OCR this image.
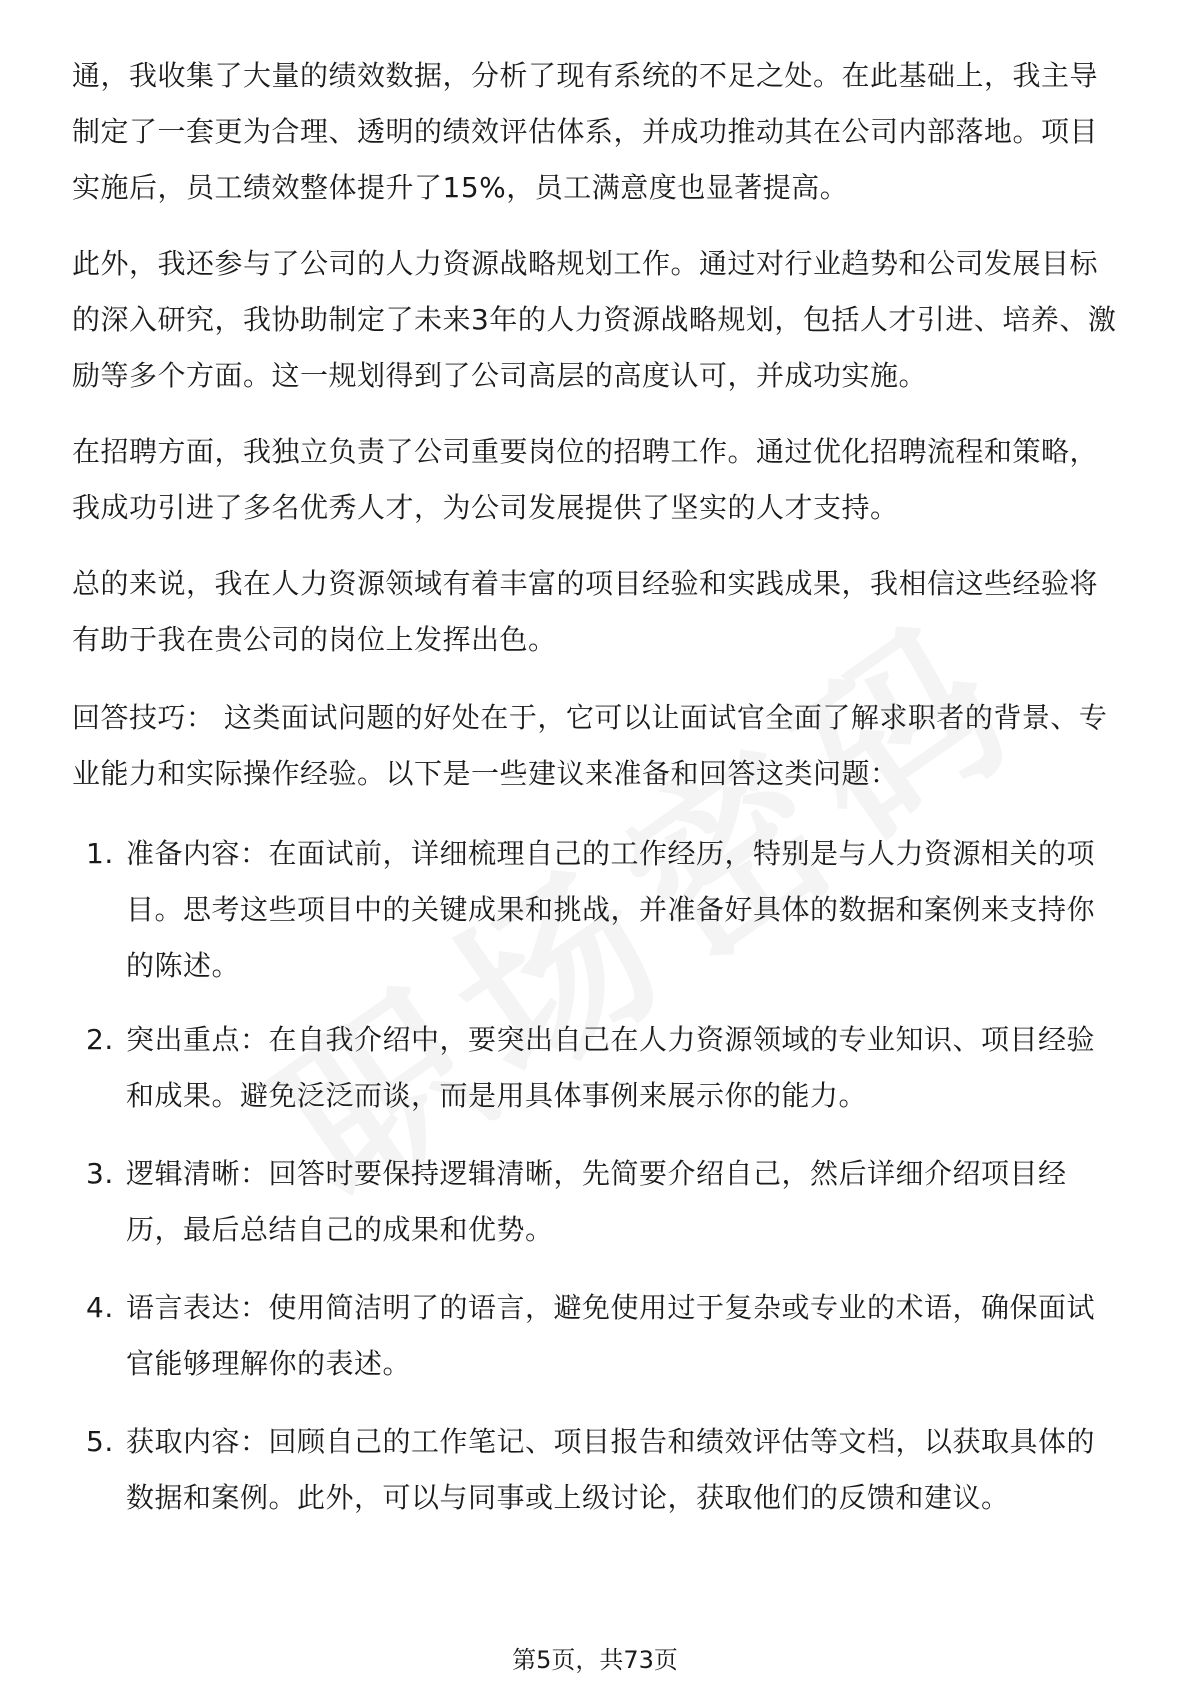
通，我收集了大量的绩效数据，分析了现有系统的不足之处。在此基础上，我主导制定了一套更为合理、透明的绩效评估体系，并成功推动其在公司内部落地。项目实施后，员工绩效整体提升了15%，员工满意度也显著提高。

此外，我还参与了公司的人力资源战略规划工作。通过对行业趋势和公司发展目标的深入研究，我协助制定了未来3年的人力资源战略规划，包括人才引进、培养、激励等多个方面。这一规划得到了公司高层的高度认可，并成功实施。

在招聘方面，我独立负责了公司重要岗位的招聘工作。通过优化招聘流程和策略，我成功引进了多名优秀人才，为公司发展提供了坚实的人才支持。

总的来说，我在人力资源领域有着丰富的项目经验和实践成果，我相信这些经验将有助于我在贵公司的岗位上发挥出色。

回答技巧： 这类面试问题的好处在于，它可以让面试官全面了解求职者的背景、专业能力和实际操作经验。以下是一些建议来准备和回答这类问题：

1. 准备内容：在面试前，详细梳理自己的工作经历，特别是与人力资源相关的项目。思考这些项目中的关键成果和挑战，并准备好具体的数据和案例来支持你的陈述。
2. 突出重点：在自我介绍中，要突出自己在人力资源领域的专业知识、项目经验和成果。避免泛泛而谈，而是用具体事例来展示你的能力。
3. 逻辑清晰：回答时要保持逻辑清晰，先简要介绍自己，然后详细介绍项目经历，最后总结自己的成果和优势。
4. 语言表达：使用简洁明了的语言，避免使用过于复杂或专业的术语，确保面试官能够理解你的表述。
5. 获取内容：回顾自己的工作笔记、项目报告和绩效评估等文档，以获取具体的数据和案例。此外，可以与同事或上级讨论，获取他们的反馈和建议。
第5页，共73页
